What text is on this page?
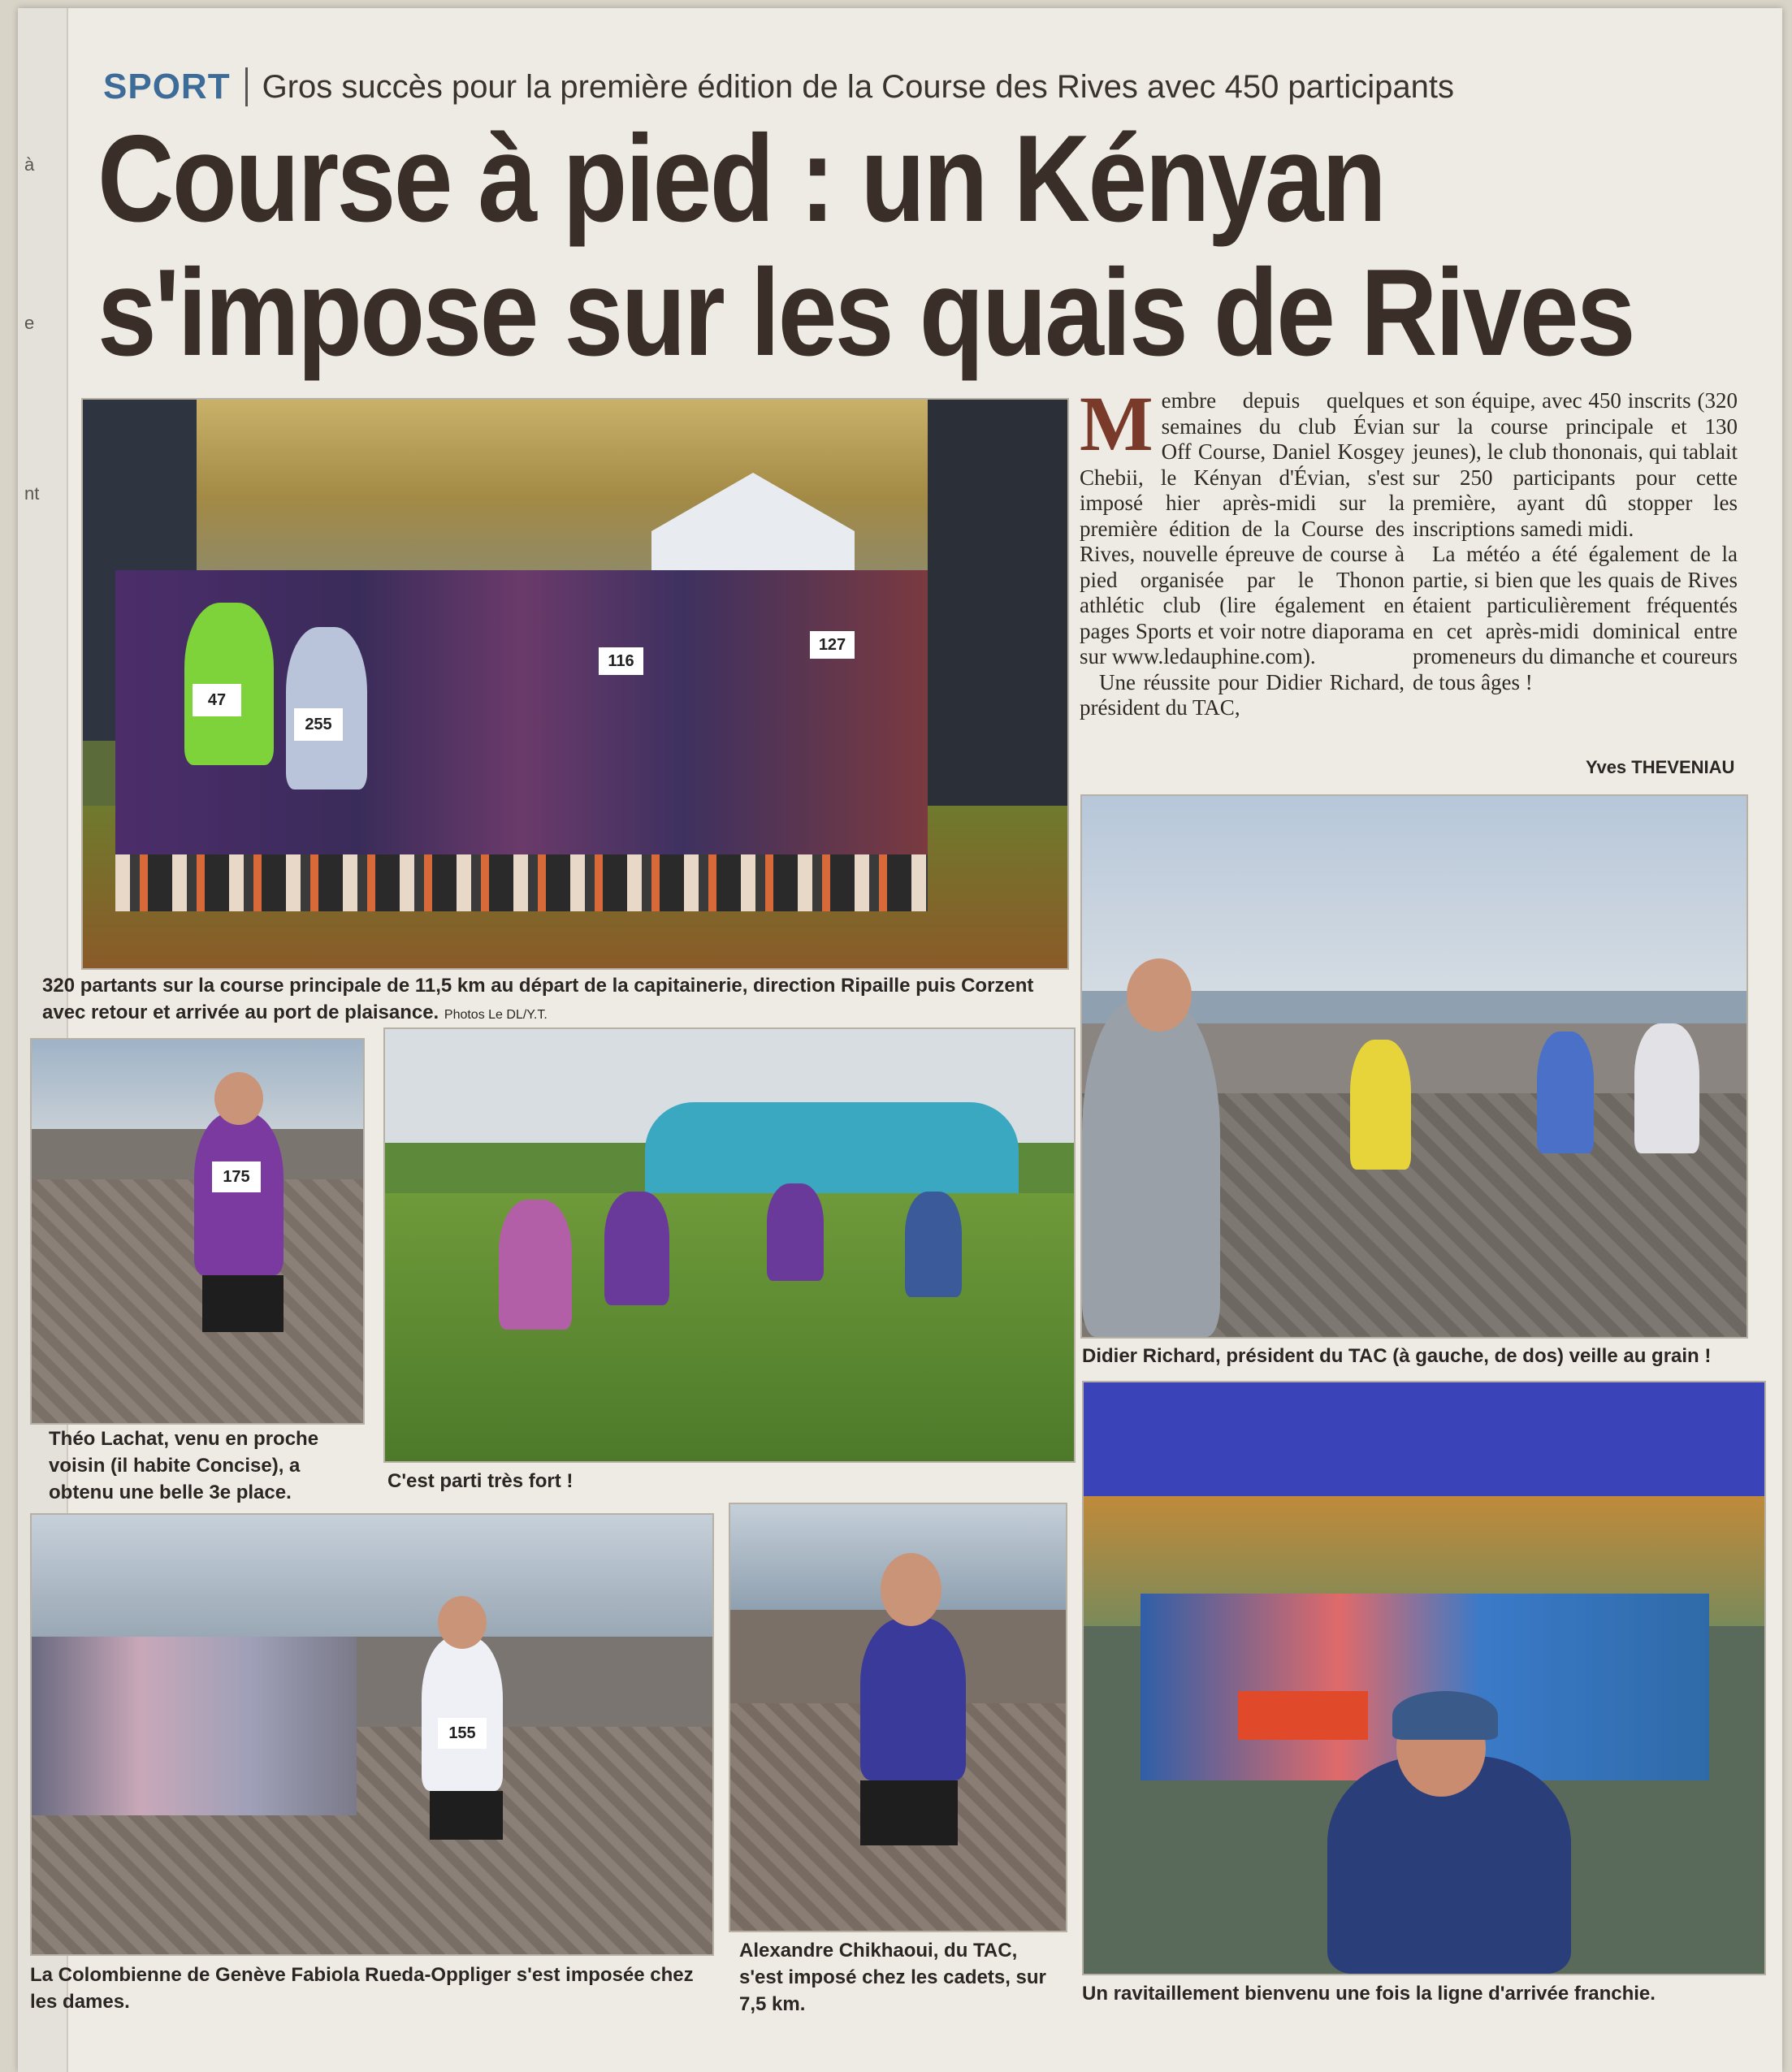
à
e
nt
SPORT Gros succès pour la première édition de la Course des Rives avec 450 participants
Course à pied : un Kényan
s'impose sur les quais de Rives
47
255
116
127
320 partants sur la course principale de 11,5 km au départ de la capitainerie, direction Ripaille puis Corzent avec retour et arrivée au port de plaisance. Photos Le DL/Y.T.
M embre depuis quelques semaines du club Évian Off Course, Daniel Kosgey Chebii, le Kényan d'Évian, s'est imposé hier après-midi sur la première édition de la Course des Rives, nouvelle épreuve de course à pied organisée par le Thonon athlétic club (lire également en pages Sports et voir notre diaporama sur www.ledauphine.com).
Une réussite pour Didier Richard, président du TAC,
et son équipe, avec 450 inscrits (320 sur la course principale et 130 jeunes), le club thononais, qui tablait sur 250 participants pour cette première, ayant dû stopper les inscriptions samedi midi.
La météo a été également de la partie, si bien que les quais de Rives étaient particulièrement fréquentés en cet après-midi dominical entre promeneurs du dimanche et coureurs de tous âges !
Yves THEVENIAU
Didier Richard, président du TAC (à gauche, de dos) veille au grain !
175
Théo Lachat, venu en proche voisin (il habite Concise), a obtenu une belle 3e place.
C'est parti très fort !
Un ravitaillement bienvenu une fois la ligne d'arrivée franchie.
155
La Colombienne de Genève Fabiola Rueda-Oppliger s'est imposée chez les dames.
Alexandre Chikhaoui, du TAC, s'est imposé chez les cadets, sur 7,5 km.
